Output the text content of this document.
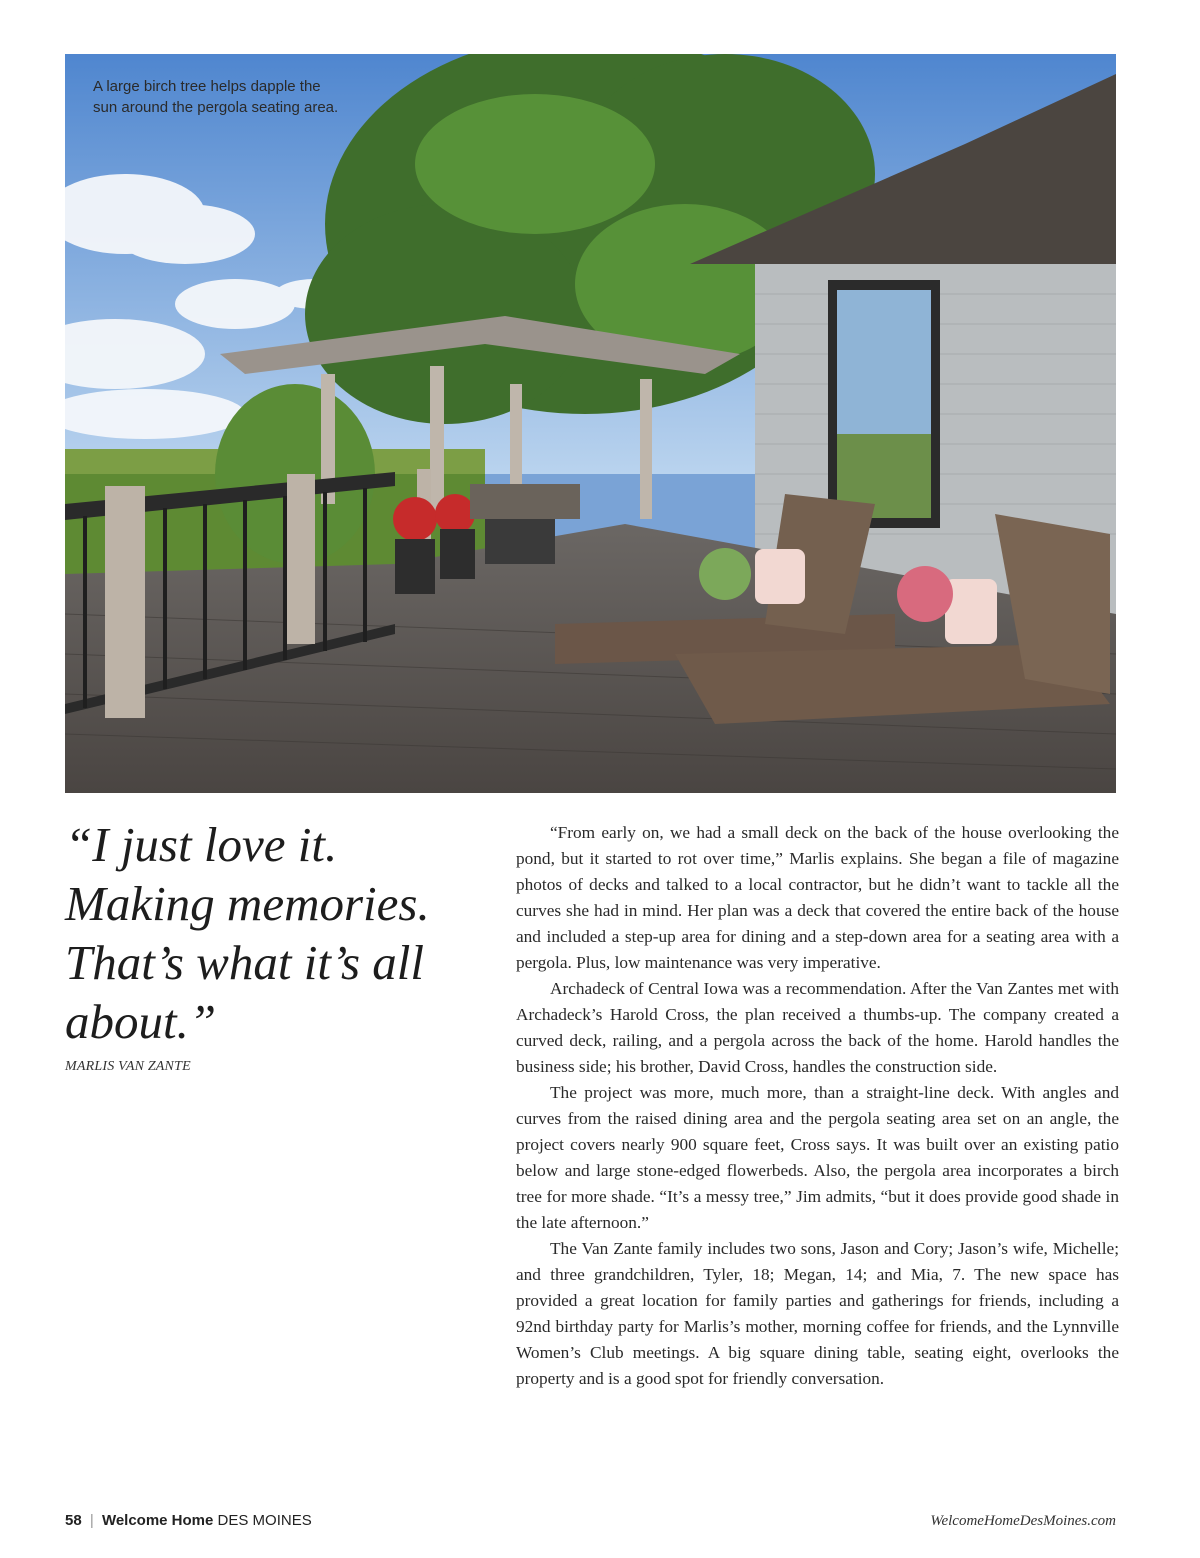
A large birch tree helps dapple the sun around the pergola seating area.
“I just love it. Making memories. That’s what it’s all about.”
MARLIS VAN ZANTE

“From early on, we had a small deck on the back of the house overlooking the pond, but it started to rot over time,” Marlis explains. She began a file of magazine photos of decks and talked to a local contractor, but he didn’t want to tackle all the curves she had in mind. Her plan was a deck that covered the entire back of the house and included a step-up area for dining and a step-down area for a seating area with a pergola. Plus, low maintenance was very imperative.

Archadeck of Central Iowa was a recommendation. After the Van Zantes met with Archadeck’s Harold Cross, the plan received a thumbs-up. The company created a curved deck, railing, and a pergola across the back of the home. Harold handles the business side; his brother, David Cross, handles the construction side.

The project was more, much more, than a straight-line deck. With angles and curves from the raised dining area and the pergola seating area set on an angle, the project covers nearly 900 square feet, Cross says. It was built over an existing patio below and large stone-edged flowerbeds. Also, the pergola area incorporates a birch tree for more shade. “It’s a messy tree,” Jim admits, “but it does provide good shade in the late afternoon.”

The Van Zante family includes two sons, Jason and Cory; Jason’s wife, Michelle; and three grandchildren, Tyler, 18; Megan, 14; and Mia, 7. The new space has provided a great location for family parties and gatherings for friends, including a 92nd birthday party for Marlis’s mother, morning coffee for friends, and the Lynnville Women’s Club meetings. A big square dining table, seating eight, overlooks the property and is a good spot for friendly conversation.

58 | Welcome Home DES MOINES	WelcomeHomeDesMoines.com
